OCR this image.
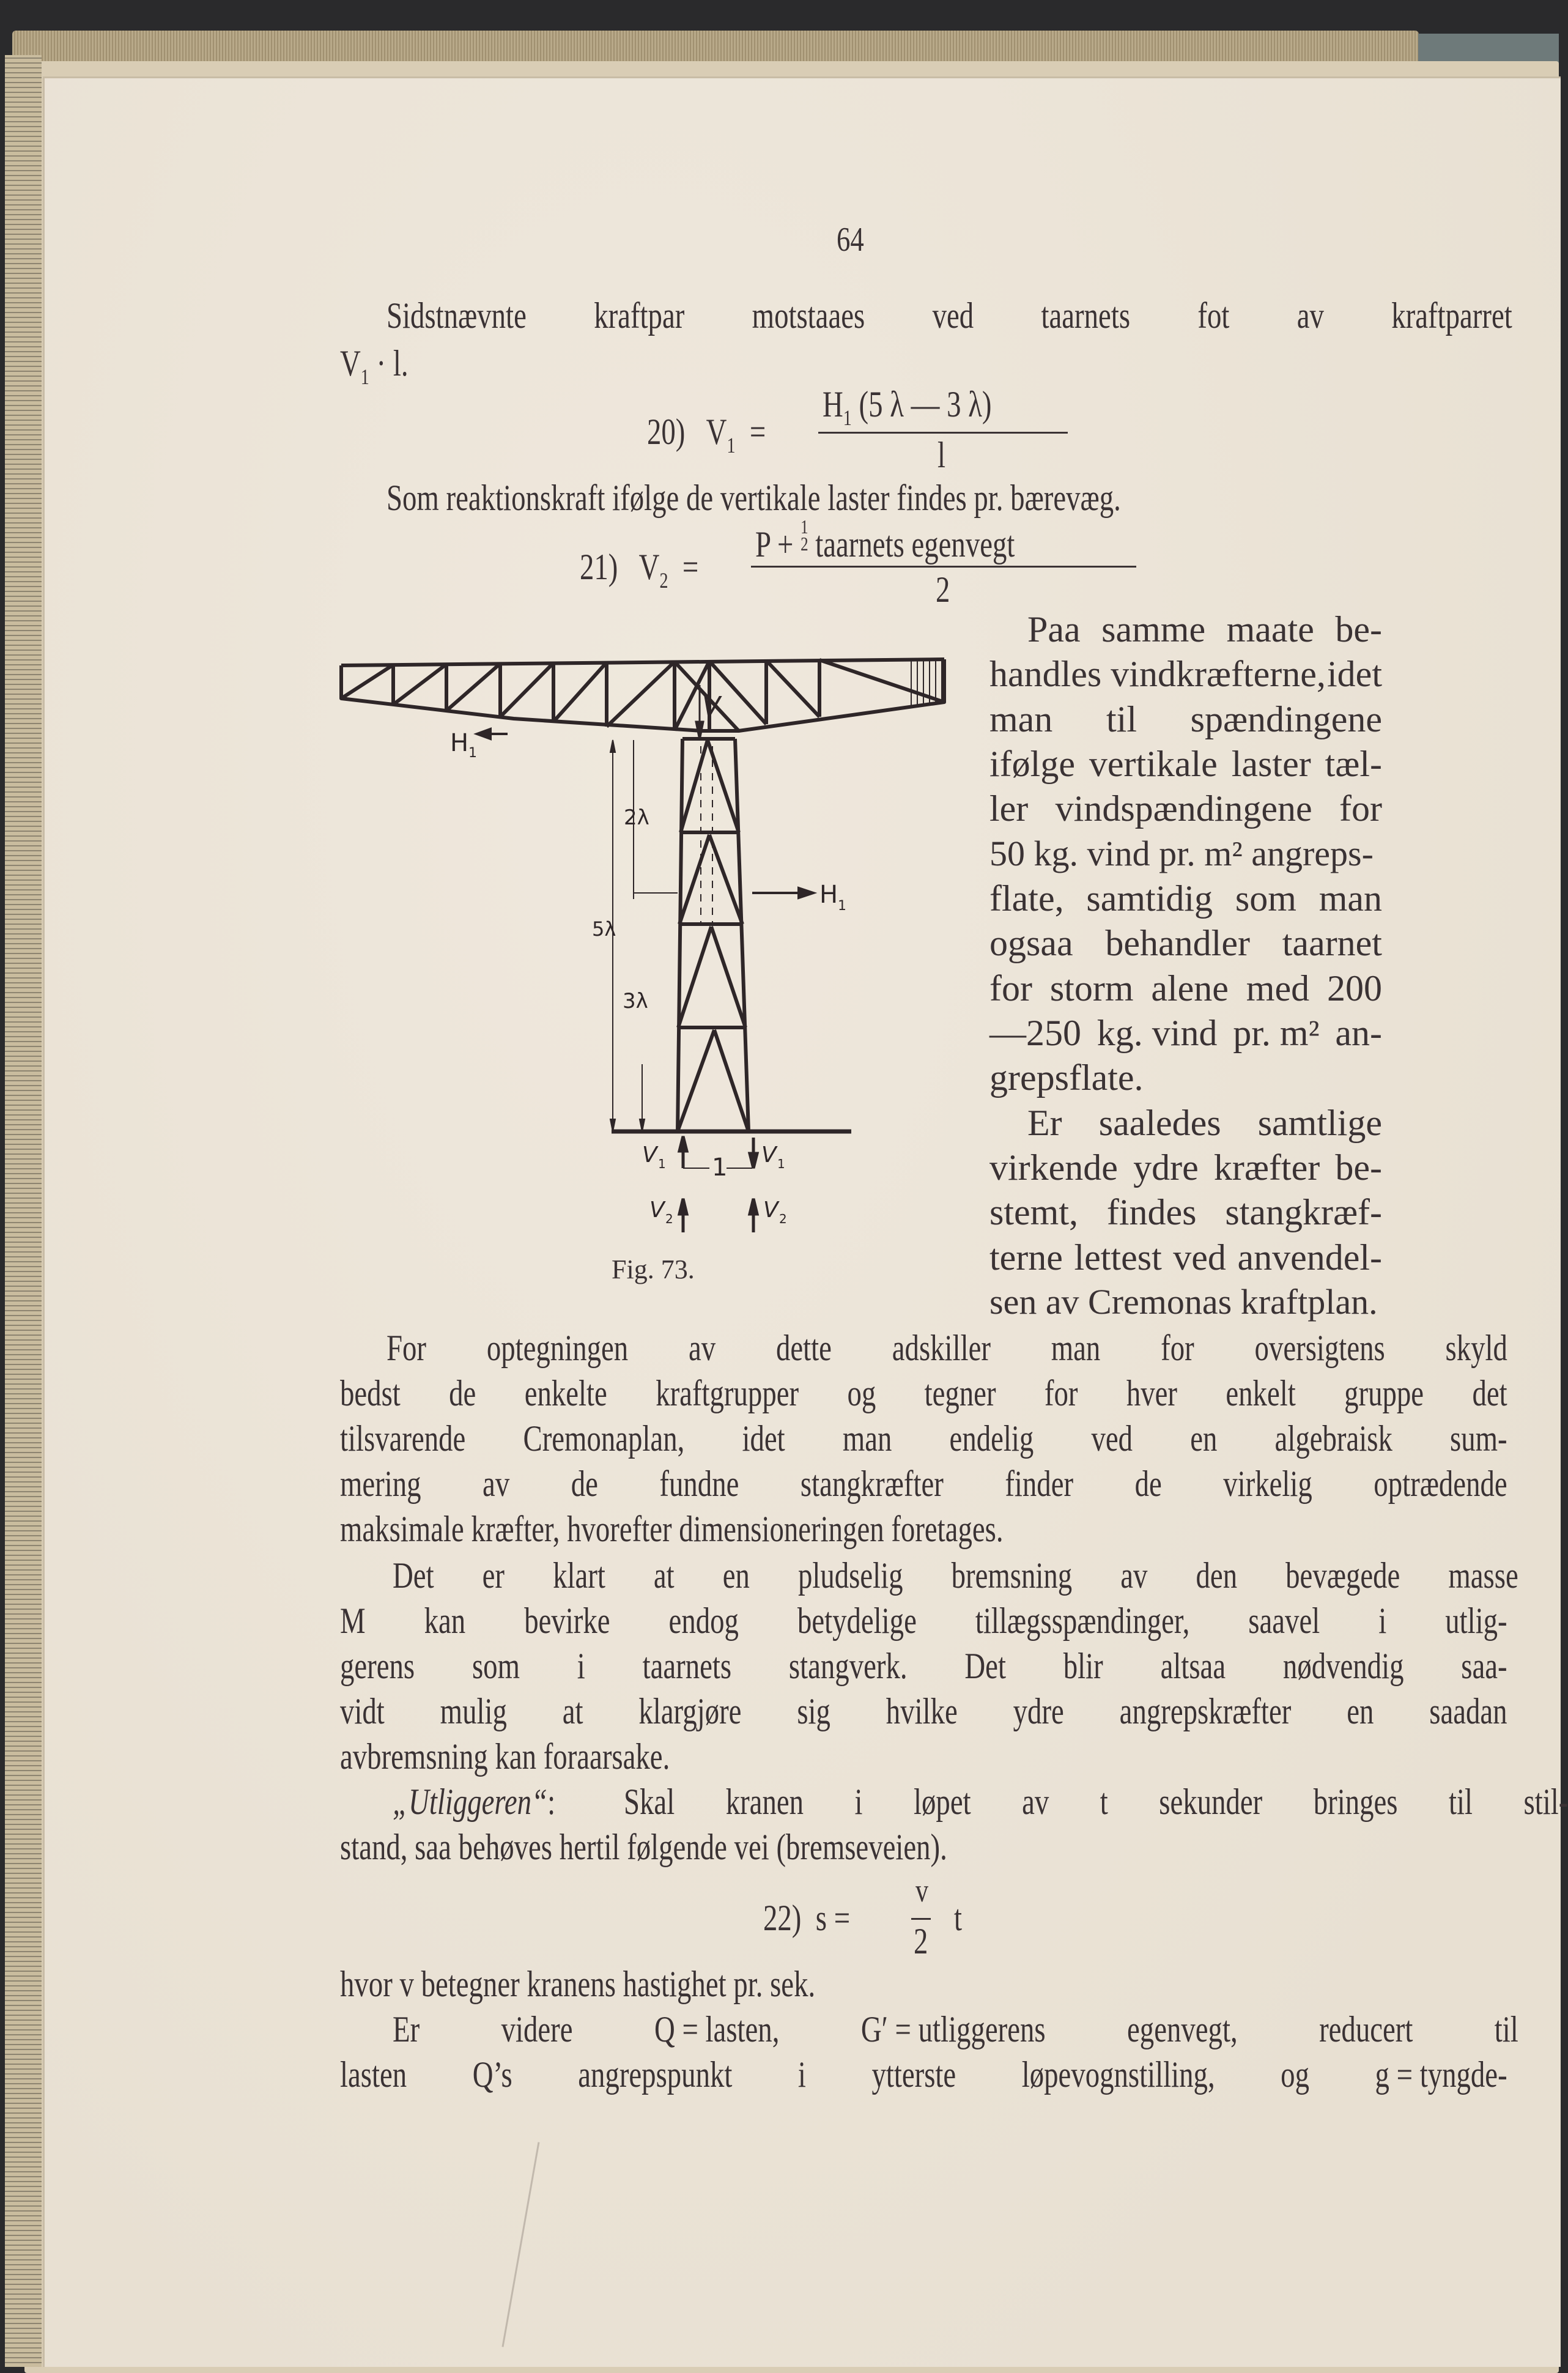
64
Sidstnævnte kraftpar motstaaes ved taarnets fot av kraftparret
$V_1 \cdot l$.
20) $V_1$ =
$H_1$ (5 λ — 3 λ)
l
Som reaktionskraft ifølge de vertikale laster findes pr. bærevæg.
21) $V_2$ =
P + 1
2 taarnets egenvegt
2
Paa samme maate be-
handles vindkræfterne, idet
man til spændingene
ifølge vertikale laster tæl-
ler vindspændingene for
50 kg. vind pr. m² angreps-
flate, samtidig som man
ogsaa behandler taarnet
for storm alene med 200
—250 kg. vind pr. m² an-
grepsflate.
Er saaledes samtlige
virkende ydre kræfter be-
stemt, findes stangkræf-
terne lettest ved anvendel-
sen av Cremonas kraftplan.
V
H 1
H 1
2λ
5λ
3λ
1
V 1	V 1
V 2	V 2
Fig. 73.
For optegningen av dette adskiller man for oversigtens skyld
bedst de enkelte kraftgrupper og tegner for hver enkelt gruppe det
tilsvarende Cremonaplan, idet man endelig ved en algebraisk sum-
mering av de fundne stangkræfter finder de virkelig optrædende
maksimale kræfter, hvorefter dimensioneringen foretages.
Det er klart at en pludselig bremsning av den bevægede masse
M kan bevirke endog betydelige tillægsspændinger, saavel i utlig-
gerens som i taarnets stangverk. Det blir altsaa nødvendig saa-
vidt mulig at klargjøre sig hvilke ydre angrepskræfter en saadan
avbremsning kan foraarsake.
„Utliggeren“: Skal kranen i løpet av t sekunder bringes til stil-
stand, saa behøves hertil følgende vei (bremseveien).
22) s =
v
2
t
hvor v betegner kranens hastighet pr. sek.
Er videre Q = lasten, G′ = utliggerens egenvegt, reducert til
lasten Q’s angrepspunkt i ytterste løpevognstilling, og g = tyngde-
